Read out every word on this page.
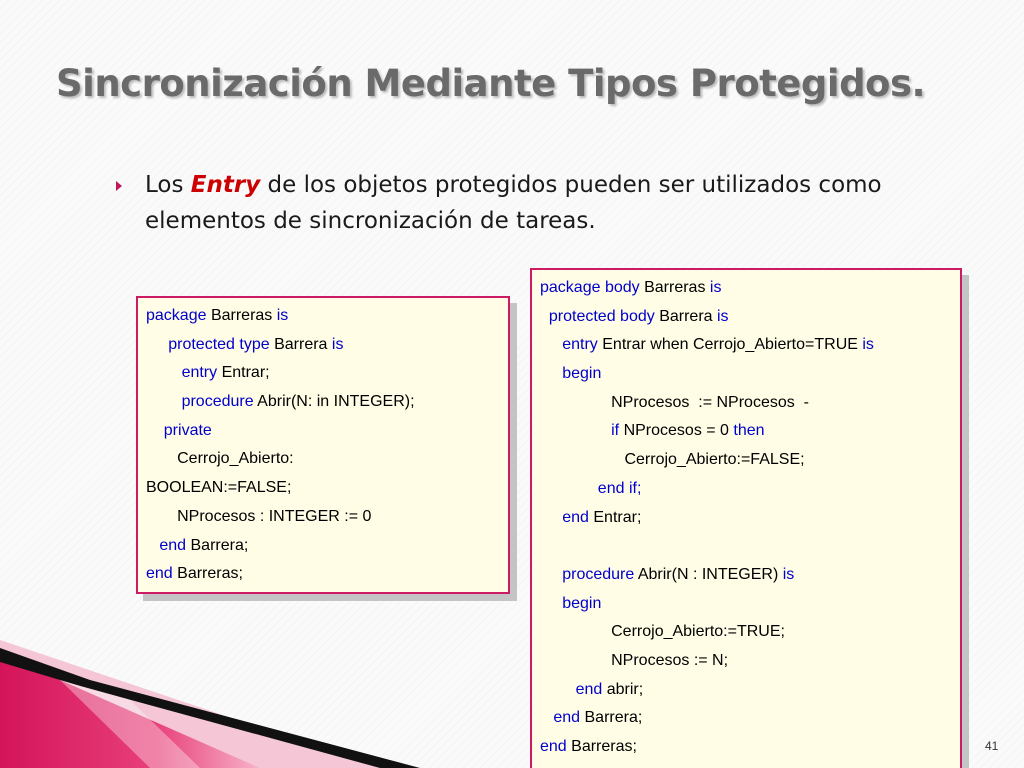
Sincronización Mediante Tipos Protegidos.
Los Entry de los objetos protegidos pueden ser utilizados como elementos de sincronización de tareas.
package Barreras is
protected type Barrera is
entry Entrar;
procedure Abrir(N: in INTEGER);
private
Cerrojo_Abierto:
BOOLEAN:=FALSE;
NProcesos : INTEGER := 0
end Barrera;
end Barreras;
package body Barreras is
protected body Barrera is
entry Entrar when Cerrojo_Abierto=TRUE is
begin
NProcesos  := NProcesos  -
if NProcesos = 0 then
Cerrojo_Abierto:=FALSE;
end if;
end Entrar;

procedure Abrir(N : INTEGER) is
begin
Cerrojo_Abierto:=TRUE;
NProcesos := N;
end abrir;
end Barrera;
end Barreras;	41
